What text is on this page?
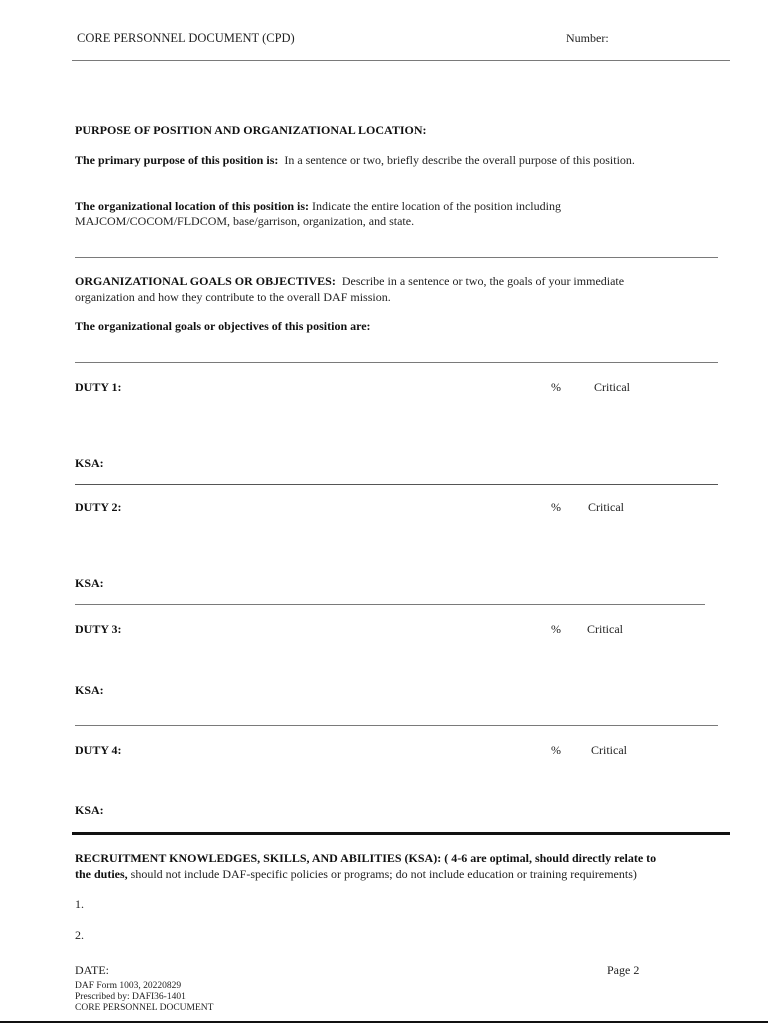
CORE PERSONNEL DOCUMENT (CPD)	Number:
PURPOSE OF POSITION AND ORGANIZATIONAL LOCATION:
The primary purpose of this position is: In a sentence or two, briefly describe the overall purpose of this position.
The organizational location of this position is: Indicate the entire location of the position including
MAJCOM/COCOM/FLDCOM, base/garrison, organization, and state.
ORGANIZATIONAL GOALS OR OBJECTIVES: Describe in a sentence or two, the goals of your immediate
organization and how they contribute to the overall DAF mission.
The organizational goals or objectives of this position are:
DUTY 1:	%	Critical
KSA:
DUTY 2:	% Critical
KSA:
DUTY 3:	% Critical
KSA:
DUTY 4:	%	Critical
KSA:
RECRUITMENT KNOWLEDGES, SKILLS, AND ABILITIES (KSA): ( 4-6 are optimal, should directly relate to
the duties, should not include DAF-specific policies or programs; do not include education or training requirements)
1.
2.
DATE:	Page 2
DAF Form 1003, 20220829
Prescribed by: DAFI36-1401
CORE PERSONNEL DOCUMENT
